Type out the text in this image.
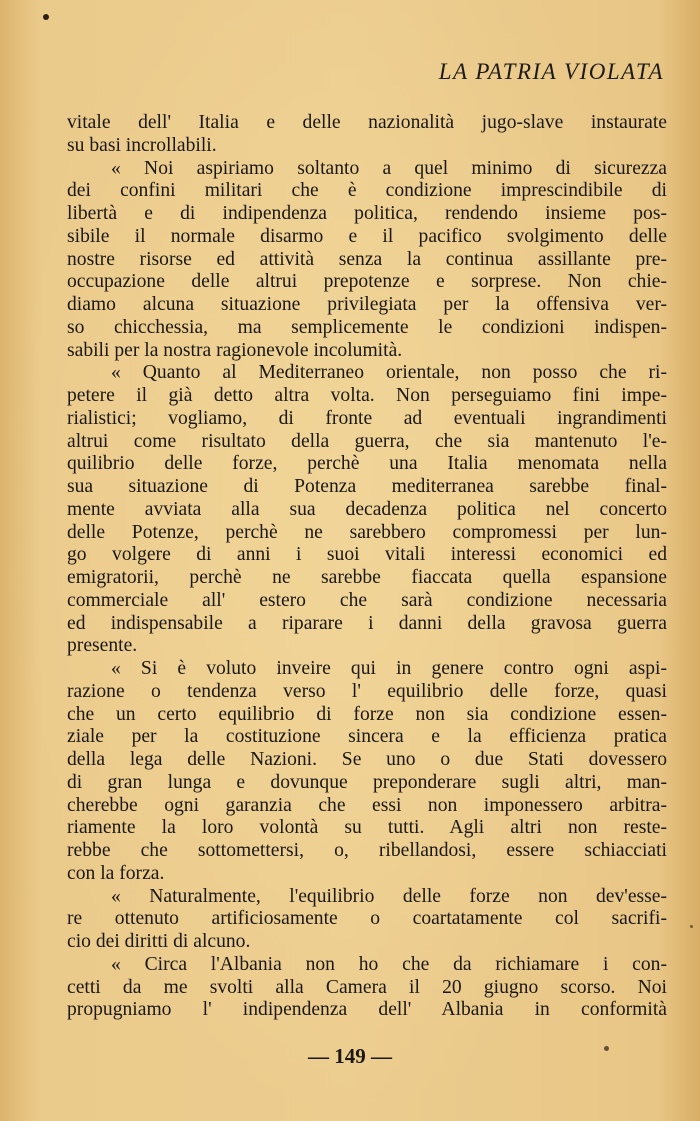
LA PATRIA VIOLATA

vitale dell' Italia e delle nazionalità jugo-slave instaurate

su basi incrollabili.

« Noi aspiriamo soltanto a quel minimo di sicurezza

dei confini militari che è condizione imprescindibile di

libertà e di indipendenza politica, rendendo insieme pos-

sibile il normale disarmo e il pacifico svolgimento delle

nostre risorse ed attività senza la continua assillante pre-

occupazione delle altrui prepotenze e sorprese. Non chie-

diamo alcuna situazione privilegiata per la offensiva ver-

so chicchessia, ma semplicemente le condizioni indispen-

sabili per la nostra ragionevole incolumità.

« Quanto al Mediterraneo orientale, non posso che ri-

petere il già detto altra volta. Non perseguiamo fini impe-

rialistici; vogliamo, di fronte ad eventuali ingrandimenti

altrui come risultato della guerra, che sia mantenuto l'e-

quilibrio delle forze, perchè una Italia menomata nella

sua situazione di Potenza mediterranea sarebbe final-

mente avviata alla sua decadenza politica nel concerto

delle Potenze, perchè ne sarebbero compromessi per lun-

go volgere di anni i suoi vitali interessi economici ed

emigratorii, perchè ne sarebbe fiaccata quella espansione

commerciale all' estero che sarà condizione necessaria

ed indispensabile a riparare i danni della gravosa guerra

presente.

« Si è voluto inveire qui in genere contro ogni aspi-

razione o tendenza verso l' equilibrio delle forze, quasi

che un certo equilibrio di forze non sia condizione essen-

ziale per la costituzione sincera e la efficienza pratica

della lega delle Nazioni. Se uno o due Stati dovessero

di gran lunga e dovunque preponderare sugli altri, man-

cherebbe ogni garanzia che essi non imponessero arbitra-

riamente la loro volontà su tutti. Agli altri non reste-

rebbe che sottomettersi, o, ribellandosi, essere schiacciati

con la forza.

« Naturalmente, l'equilibrio delle forze non dev'esse-

re ottenuto artificiosamente o coartatamente col sacrifi-

cio dei diritti di alcuno.

« Circa l'Albania non ho che da richiamare i con-

cetti da me svolti alla Camera il 20 giugno scorso. Noi

propugniamo l' indipendenza dell' Albania in conformità

— 149 —
